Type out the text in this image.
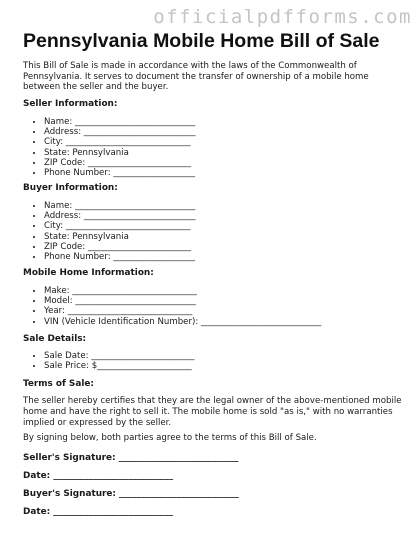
officialpdfforms.com
Pennsylvania Mobile Home Bill of Sale
This Bill of Sale is made in accordance with the laws of the Commonwealth of Pennsylvania. It serves to document the transfer of ownership of a mobile home between the seller and the buyer.
Seller Information:
• Name: ____________________________
• Address: __________________________
• City: _____________________________
• State: Pennsylvania
• ZIP Code: ________________________
• Phone Number: ___________________
Buyer Information:
• Name: ____________________________
• Address: __________________________
• City: _____________________________
• State: Pennsylvania
• ZIP Code: ________________________
• Phone Number: ___________________
Mobile Home Information:
• Make: _____________________________
• Model: ____________________________
• Year: _____________________________
• VIN (Vehicle Identification Number): ____________________________
Sale Details:
• Sale Date: ________________________
• Sale Price: $______________________
Terms of Sale:
The seller hereby certifies that they are the legal owner of the above-mentioned mobile home and have the right to sell it. The mobile home is sold "as is," with no warranties implied or expressed by the seller.
By signing below, both parties agree to the terms of this Bill of Sale.
Seller's Signature: ___________________________
Date: ___________________________
Buyer's Signature: ___________________________
Date: ___________________________
